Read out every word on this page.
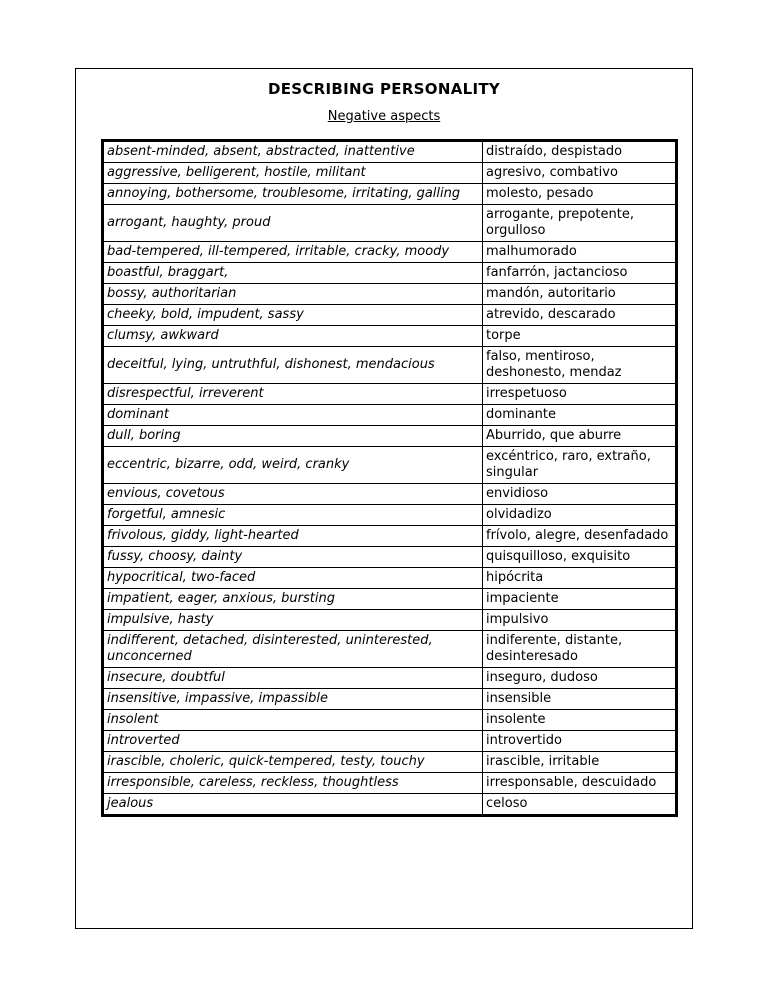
DESCRIBING PERSONALITY
Negative aspects
absent-minded, absent, abstracted, inattentive	distraído, despistado
aggressive, belligerent, hostile, militant	agresivo, combativo
annoying, bothersome, troublesome, irritating, galling	molesto, pesado
arrogant, haughty, proud	arrogante, prepotente, orgulloso
bad-tempered, ill-tempered, irritable, cracky, moody	malhumorado
boastful, braggart,	fanfarrón, jactancioso
bossy, authoritarian	mandón, autoritario
cheeky, bold, impudent, sassy	atrevido, descarado
clumsy, awkward	torpe
deceitful, lying, untruthful, dishonest, mendacious	falso, mentiroso, deshonesto, mendaz
disrespectful, irreverent	irrespetuoso
dominant	dominante
dull, boring	Aburrido, que aburre
eccentric, bizarre, odd, weird, cranky	excéntrico, raro, extraño, singular
envious, covetous	envidioso
forgetful, amnesic	olvidadizo
frivolous, giddy, light-hearted	frívolo, alegre, desenfadado
fussy, choosy, dainty	quisquilloso, exquisito
hypocritical, two-faced	hipócrita
impatient, eager, anxious, bursting	impaciente
impulsive, hasty	impulsivo
indifferent, detached, disinterested, uninterested, unconcerned	indiferente, distante, desinteresado
insecure, doubtful	inseguro, dudoso
insensitive, impassive, impassible	insensible
insolent	insolente
introverted	introvertido
irascible, choleric, quick-tempered, testy, touchy	irascible, irritable
irresponsible, careless, reckless, thoughtless	irresponsable, descuidado
jealous	celoso
